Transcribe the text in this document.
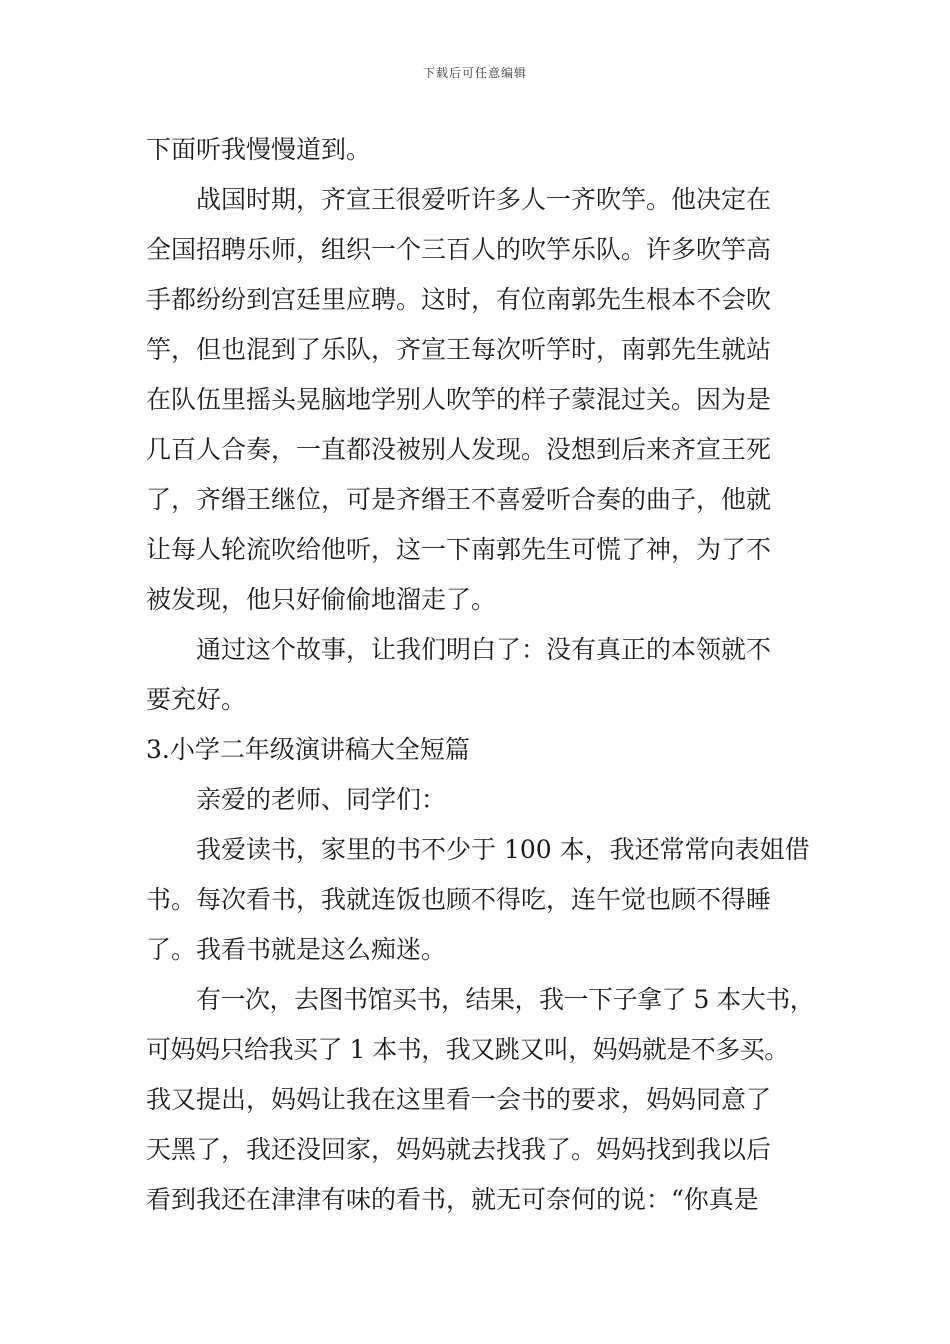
下载后可任意编辑
下面听我慢慢道到。
战国时期，齐宣王很爱听许多人一齐吹竽。他决定在
全国招聘乐师，组织一个三百人的吹竽乐队。许多吹竽高
手都纷纷到宫廷里应聘。这时，有位南郭先生根本不会吹
竽，但也混到了乐队，齐宣王每次听竽时，南郭先生就站
在队伍里摇头晃脑地学别人吹竽的样子蒙混过关。因为是
几百人合奏，一直都没被别人发现。没想到后来齐宣王死
了，齐缗王继位，可是齐缗王不喜爱听合奏的曲子，他就
让每人轮流吹给他听，这一下南郭先生可慌了神，为了不
被发现，他只好偷偷地溜走了。
通过这个故事，让我们明白了：没有真正的本领就不
要充好。
3.小学二年级演讲稿大全短篇
亲爱的老师、同学们：
我爱读书，家里的书不少于 100 本，我还常常向表姐借
书。每次看书，我就连饭也顾不得吃，连午觉也顾不得睡
了。我看书就是这么痴迷。
有一次，去图书馆买书，结果，我一下子拿了 5 本大书，
可妈妈只给我买了 1 本书，我又跳又叫，妈妈就是不多买。
我又提出，妈妈让我在这里看一会书的要求，妈妈同意了
天黑了，我还没回家，妈妈就去找我了。妈妈找到我以后
看到我还在津津有味的看书，就无可奈何的说：“你真是
